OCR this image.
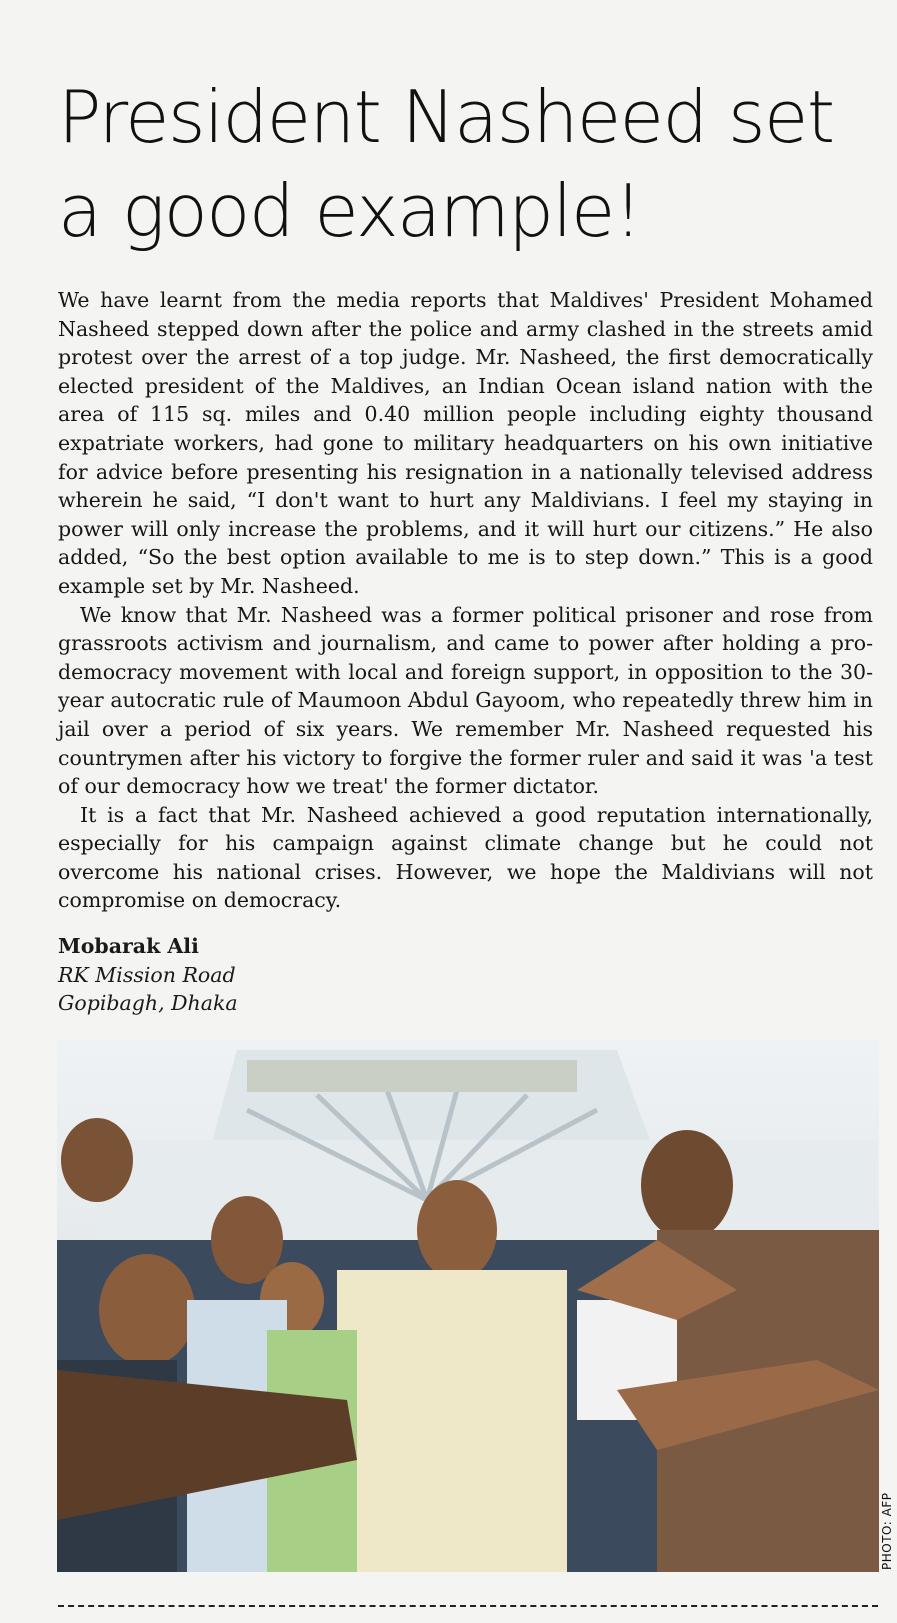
President Nasheed set
a good example!

We have learnt from the media reports that Maldives' President Mohamed Nasheed stepped down after the police and army clashed in the streets amid protest over the arrest of a top judge. Mr. Nasheed, the first democratically elected president of the Maldives, an Indian Ocean island nation with the area of 115 sq. miles and 0.40 million people including eighty thousand expatriate workers, had gone to military headquarters on his own initiative for advice before presenting his resignation in a nationally televised address wherein he said, “I don't want to hurt any Maldivians. I feel my staying in power will only increase the problems, and it will hurt our citizens.” He also added, “So the best option available to me is to step down.” This is a good example set by Mr. Nasheed.

We know that Mr. Nasheed was a former political prisoner and rose from grassroots activism and journalism, and came to power after holding a pro-democracy movement with local and foreign support, in opposition to the 30-year autocratic rule of Maumoon Abdul Gayoom, who repeatedly threw him in jail over a period of six years. We remember Mr. Nasheed requested his countrymen after his victory to forgive the former ruler and said it was 'a test of our democracy how we treat' the former dictator.

It is a fact that Mr. Nasheed achieved a good reputation internationally, especially for his campaign against climate change but he could not overcome his national crises. However, we hope the Maldivians will not compromise on democracy.

Mobarak Ali
RK Mission Road
Gopibagh, Dhaka
PHOTO: AFP
